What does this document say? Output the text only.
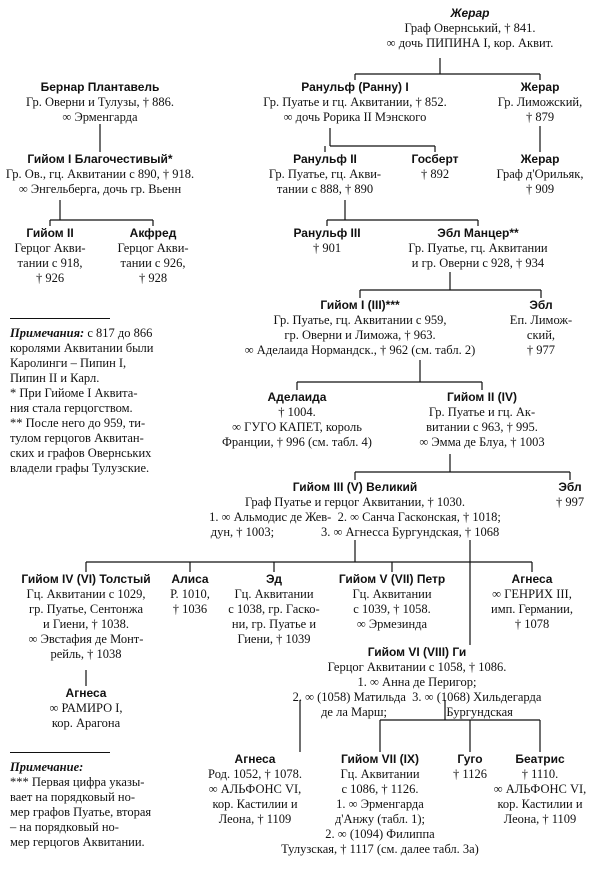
Жерар
Граф Овернський, † 841.
∞ дочь ПИПИНА I, кор. Аквит.
Бернар Плантавель
Гр. Оверни и Тулузы, † 886.
∞ Эрменгарда
Ранульф (Ранну) I
Гр. Пуатье и гц. Аквитании, † 852.
∞ дочь Рорика II Мэнского
Жерар
Гр. Лиможский,
† 879
Гийом I Благочестивый*
Гр. Ов., гц. Аквитании с 890, † 918.
∞ Энгельберга, дочь гр. Вьенн
Ранульф II
Гр. Пуатье, гц. Акви-
тании с 888, † 890
Госберт
† 892
Жерар
Граф д'Орильяк,
† 909
Гийом II
Герцог Акви-
тании с 918,
† 926
Акфред
Герцог Акви-
тании с 926,
† 928
Ранульф III
† 901
Эбл Манцер**
Гр. Пуатье, гц. Аквитании
и гр. Оверни с 928, † 934
Гийом I (III)***
Гр. Пуатье, гц. Аквитании с 959,
гр. Оверни и Лиможа, † 963.
∞ Аделаида Нормандск., † 962 (см. табл. 2)
Эбл
Еп. Лимож-
ский,
† 977
Аделаида
† 1004.
∞ ГУГО КАПЕТ, король
Франции, † 996 (см. табл. 4)
Гийом II (IV)
Гр. Пуатье и гц. Ак-
витании с 963, † 995.
∞ Эмма де Блуа, † 1003
Гийом III (V) Великий
Граф Пуатье и герцог Аквитании, † 1030.
1. ∞ Альмодис де Жев-  2. ∞ Санча Гасконская, † 1018;
дун, † 1003;               3. ∞ Агнесса Бургундская, † 1068
Эбл
† 997
Гийом IV (VI) Толстый
Гц. Аквитании с 1029,
гр. Пуатье, Сентонжа
и Гиени, † 1038.
∞ Эвстафия де Монт-
рейль, † 1038
Алиса
Р. 1010,
† 1036
Эд
Гц. Аквитании
с 1038, гр. Гаско-
ни, гр. Пуатье и
Гиени, † 1039
Гийом V (VII) Петр
Гц. Аквитании
с 1039, † 1058.
∞ Эрмезинда
Агнеса
∞ ГЕНРИХ III,
имп. Германии,
† 1078
Агнеса
∞ РАМИРО I,
кор. Арагона
Гийом VI (VIII) Ги
Герцог Аквитании с 1058, † 1086.
1. ∞ Анна де Перигор;
2. ∞ (1058) Матильда  3. ∞ (1068) Хильдегарда
де ла Марш;                   Бургундская
Агнеса
Род. 1052, † 1078.
∞ АЛЬФОНС VI,
кор. Кастилии и
Леона, † 1109
Гийом VII (IX)
Гц. Аквитании
с 1086, † 1126.
1. ∞ Эрменгарда
д'Анжу (табл. 1);
2. ∞ (1094) Филиппа
Тулузская, † 1117 (см. далее табл. 3а)
Гуго
† 1126
Беатрис
† 1110.
∞ АЛЬФОНС VI,
кор. Кастилии и
Леона, † 1109

Примечания: с 817 до 866

королями Аквитании были

Каролинги – Пипин I,

Пипин II и Карл.

* При Гийоме I Аквита-

ния стала герцогством.

** После него до 959, ти-

тулом герцогов Аквитан-

ских и графов Овернських

владели графы Тулузские.

Примечание:

*** Первая цифра указы-

вает на порядковый но-

мер графов Пуатье, вторая

– на порядковый но-

мер герцогов Аквитании.
